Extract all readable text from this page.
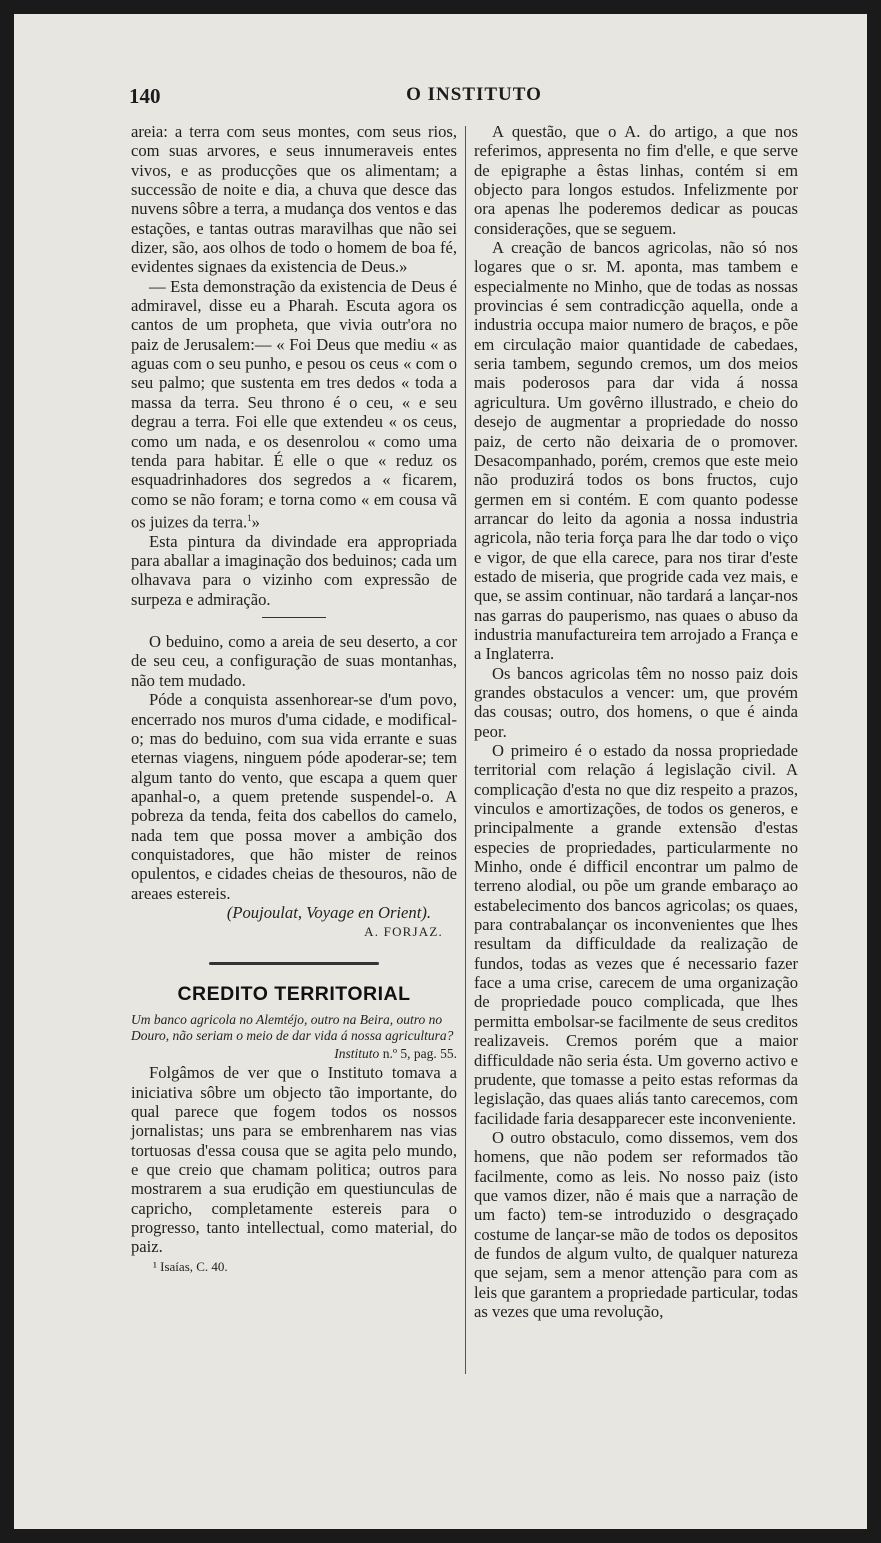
140	O INSTITUTO

areia: a terra com seus montes, com seus rios, com suas arvores, e seus innumeraveis entes vivos, e as producções que os alimentam; a successão de noite e dia, a chuva que desce das nuvens sôbre a terra, a mudança dos ventos e das estações, e tantas outras maravilhas que não sei dizer, são, aos olhos de todo o homem de boa fé, evidentes signaes da existencia de Deus.»

— Esta demonstração da existencia de Deus é admiravel, disse eu a Pharah. Escuta agora os cantos de um propheta, que vivia outr'ora no paiz de Jerusalem:— « Foi Deus que mediu « as aguas com o seu punho, e pesou os ceus « com o seu palmo; que sustenta em tres dedos « toda a massa da terra. Seu throno é o ceu, « e seu degrau a terra. Foi elle que extendeu « os ceus, como um nada, e os desenrolou « como uma tenda para habitar. É elle o que « reduz os esquadrinhadores dos segredos a « ficarem, como se não foram; e torna como « em cousa vã os juizes da terra.$^1$»

Esta pintura da divindade era appropriada para aballar a imaginação dos beduinos; cada um olhavava para o vizinho com expressão de surpeza e admiração.

O beduino, como a areia de seu deserto, a cor de seu ceu, a configuração de suas montanhas, não tem mudado.

Póde a conquista assenhorear-se d'um povo, encerrado nos muros d'uma cidade, e modifical-o; mas do beduino, com sua vida errante e suas eternas viagens, ninguem póde apoderar-se; tem algum tanto do vento, que escapa a quem quer apanhal-o, a quem pretende suspendel-o. A pobreza da tenda, feita dos cabellos do camelo, nada tem que possa mover a ambição dos conquistadores, que hão mister de reinos opulentos, e cidades cheias de thesouros, não de areaes estereis.

(Poujoulat, Voyage en Orient).

A. FORJAZ.

CREDITO TERRITORIAL

Um banco agricola no Alemtéjo, outro na Beira, outro no Douro, não seriam o meio de dar vida á nossa agricultura?

Instituto n.º 5, pag. 55.

Folgâmos de ver que o Instituto tomava a iniciativa sôbre um objecto tão importante, do qual parece que fogem todos os nossos jornalistas; uns para se embrenharem nas vias tortuosas d'essa cousa que se agita pelo mundo, e que creio que chamam politica; outros para mostrarem a sua erudição em questiunculas de capricho, completamente estereis para o progresso, tanto intellectual, como material, do paiz.

¹ Isaías, C. 40.

A questão, que o A. do artigo, a que nos referimos, appresenta no fim d'elle, e que serve de epigraphe a êstas linhas, contém si em objecto para longos estudos. Infelizmente por ora apenas lhe poderemos dedicar as poucas considerações, que se seguem.

A creação de bancos agricolas, não só nos logares que o sr. M. aponta, mas tambem e especialmente no Minho, que de todas as nossas provincias é sem contradicção aquella, onde a industria occupa maior numero de braços, e põe em circulação maior quantidade de cabedaes, seria tambem, segundo cremos, um dos meios mais poderosos para dar vida á nossa agricultura. Um govêrno illustrado, e cheio do desejo de augmentar a propriedade do nosso paiz, de certo não deixaria de o promover. Desacompanhado, porém, cremos que este meio não produzirá todos os bons fructos, cujo germen em si contém. E com quanto podesse arrancar do leito da agonia a nossa industria agricola, não teria força para lhe dar todo o viço e vigor, de que ella carece, para nos tirar d'este estado de miseria, que progride cada vez mais, e que, se assim continuar, não tardará a lançar-nos nas garras do pauperismo, nas quaes o abuso da industria manufactureira tem arrojado a França e a Inglaterra.

Os bancos agricolas têm no nosso paiz dois grandes obstaculos a vencer: um, que provém das cousas; outro, dos homens, o que é ainda peor.

O primeiro é o estado da nossa propriedade territorial com relação á legislação civil. A complicação d'esta no que diz respeito a prazos, vinculos e amortizações, de todos os generos, e principalmente a grande extensão d'estas especies de propriedades, particularmente no Minho, onde é difficil encontrar um palmo de terreno alodial, ou põe um grande embaraço ao estabelecimento dos bancos agricolas; os quaes, para contrabalançar os inconvenientes que lhes resultam da difficuldade da realização de fundos, todas as vezes que é necessario fazer face a uma crise, carecem de uma organização de propriedade pouco complicada, que lhes permitta embolsar-se facilmente de seus creditos realizaveis. Cremos porém que a maior difficuldade não seria ésta. Um governo activo e prudente, que tomasse a peito estas reformas da legislação, das quaes aliás tanto carecemos, com facilidade faria desapparecer este inconveniente.

O outro obstaculo, como dissemos, vem dos homens, que não podem ser reformados tão facilmente, como as leis. No nosso paiz (isto que vamos dizer, não é mais que a narração de um facto) tem-se introduzido o desgraçado costume de lançar-se mão de todos os depositos de fundos de algum vulto, de qualquer natureza que sejam, sem a menor attenção para com as leis que garantem a propriedade particular, todas as vezes que uma revolução,
